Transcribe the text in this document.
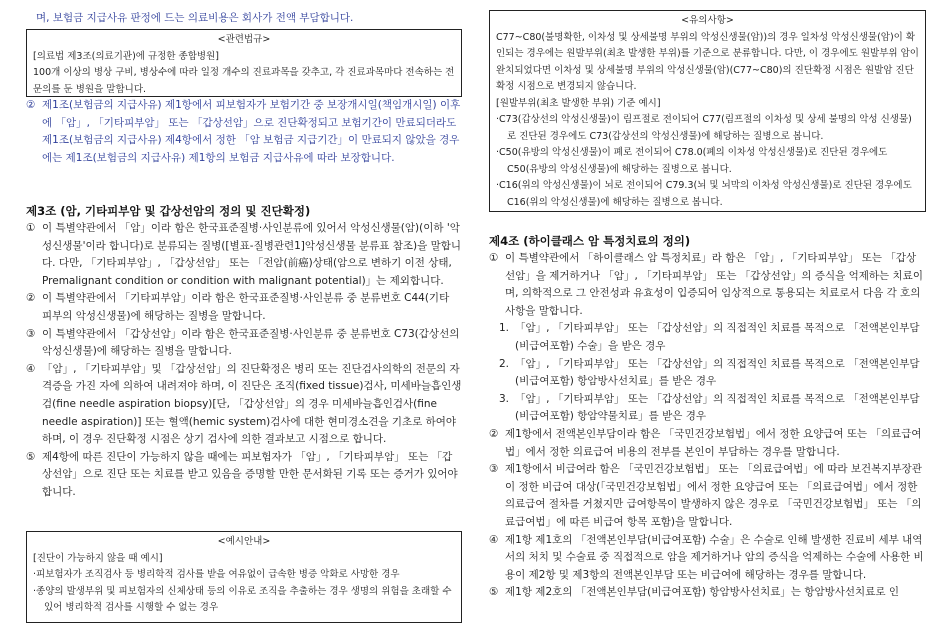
며, 보험금 지급사유 판정에 드는 의료비용은 회사가 전액 부담합니다.

<관련법규>
[의료법 제3조(의료기관)에 규정한 종합병원]
100개 이상의 병상 구비, 병상수에 따라 일정 개수의 진료과목을 갖추고, 각 진료과목마다 전속하는 전문의를 둔 병원을 말합니다.
② 제1조(보험금의 지급사유) 제1항에서 피보험자가 보험기간 중 보장개시일(책임개시일) 이후에 「암」, 「기타피부암」 또는 「갑상선암」으로 진단확정되고 보험기간이 만료되더라도 제1조(보험금의 지급사유) 제4항에서 정한 「암 보험금 지급기간」이 만료되지 않았을 경우에는 제1조(보험금의 지급사유) 제1항의 보험금 지급사유에 따라 보장합니다.

제3조 (암, 기타피부암 및 갑상선암의 정의 및 진단확정)

① 이 특별약관에서 「암」이라 함은 한국표준질병·사인분류에 있어서 악성신생물(암)(이하 '악성신생물'이라 합니다)로 분류되는 질병([별표-질병관련1]악성신생물 분류표 참조)을 말합니다. 다만, 「기타피부암」, 「갑상선암」 또는 「전암(前癌)상태(암으로 변하기 이전 상태, Premalignant condition or condition with malignant potential)」는 제외합니다.
② 이 특별약관에서 「기타피부암」이라 함은 한국표준질병·사인분류 중 분류번호 C44(기타 피부의 악성신생물)에 해당하는 질병을 말합니다.
③ 이 특별약관에서 「갑상선암」이라 함은 한국표준질병·사인분류 중 분류번호 C73(갑상선의 악성신생물)에 해당하는 질병을 말합니다.
④ 「암」, 「기타피부암」및 「갑상선암」의 진단확정은 병리 또는 진단검사의학의 전문의 자격증을 가진 자에 의하여 내려져야 하며, 이 진단은 조직(fixed tissue)검사, 미세바늘흡인생검(fine needle aspiration biopsy)[단, 「갑상선암」의 경우 미세바늘흡인검사(fine needle aspiration)] 또는 혈액(hemic system)검사에 대한 현미경소견을 기초로 하여야 하며, 이 경우 진단확정 시점은 상기 검사에 의한 결과보고 시점으로 합니다.
⑤ 제4항에 따른 진단이 가능하지 않을 때에는 피보험자가 「암」, 「기타피부암」 또는 「갑상선암」으로 진단 또는 치료를 받고 있음을 증명할 만한 문서화된 기록 또는 증거가 있어야 합니다.
<예시안내>
[진단이 가능하지 않을 때 예시]
·피보험자가 조직검사 등 병리학적 검사를 받을 여유없이 급속한 병증 악화로 사망한 경우
·종양의 발생부위 및 피보험자의 신체상태 등의 이유로 조직을 추출하는 경우 생명의 위험을 초래할 수 있어 병리학적 검사를 시행할 수 없는 경우
<유의사항>
C77~C80(불명확한, 이차성 및 상세불명 부위의 악성신생물(암))의 경우 일차성 악성신생물(암)이 확인되는 경우에는 원발부위(최초 발생한 부위)를 기준으로 분류합니다. 다만, 이 경우에도 원발부위 암이 완치되었다면 이차성 및 상세불명 부위의 악성신생물(암)(C77~C80)의 진단확정 시점은 원발암 진단확정 시점으로 변경되지 않습니다.
[원발부위(최초 발생한 부위) 기준 예시]
·C73(갑상선의 악성신생물)이 림프절로 전이되어 C77(림프절의 이차성 및 상세 불명의 악성 신생물)로 진단된 경우에도 C73(갑상선의 악성신생물)에 해당하는 질병으로 봅니다.
·C50(유방의 악성신생물)이 폐로 전이되어 C78.0(폐의 이차성 악성신생물)로 진단된 경우에도 C50(유방의 악성신생물)에 해당하는 질병으로 봅니다.
·C16(위의 악성신생물)이 뇌로 전이되어 C79.3(뇌 및 뇌막의 이차성 악성신생물)로 진단된 경우에도 C16(위의 악성신생물)에 해당하는 질병으로 봅니다.

제4조 (하이클래스 암 특정치료의 정의)

① 이 특별약관에서 「하이클래스 암 특정치료」라 함은 「암」, 「기타피부암」 또는 「갑상선암」을 제거하거나 「암」, 「기타피부암」 또는 「갑상선암」의 증식을 억제하는 치료이며, 의학적으로 그 안전성과 유효성이 입증되어 임상적으로 통용되는 치료로서 다음 각 호의 사항을 말합니다.
1. 「암」, 「기타피부암」 또는 「갑상선암」의 직접적인 치료를 목적으로 「전액본인부담(비급여포함) 수술」을 받은 경우
2. 「암」, 「기타피부암」 또는 「갑상선암」의 직접적인 치료를 목적으로 「전액본인부담(비급여포함) 항암방사선치료」를 받은 경우
3. 「암」, 「기타피부암」 또는 「갑상선암」의 직접적인 치료를 목적으로 「전액본인부담(비급여포함) 항암약물치료」를 받은 경우
② 제1항에서 전액본인부담이라 함은 「국민건강보험법」에서 정한 요양급여 또는 「의료급여법」에서 정한 의료급여 비용의 전부를 본인이 부담하는 경우를 말합니다.
③ 제1항에서 비급여라 함은 「국민건강보험법」 또는 「의료급여법」에 따라 보건복지부장관이 정한 비급여 대상(「국민건강보험법」에서 정한 요양급여 또는 「의료급여법」에서 정한 의료급여 절차를 거쳤지만 급여항목이 발생하지 않은 경우로 「국민건강보험법」 또는 「의료급여법」에 따른 비급여 항목 포함)을 말합니다.
④ 제1항 제1호의 「전액본인부담(비급여포함) 수술」은 수술로 인해 발생한 진료비 세부 내역서의 처치 및 수술료 중 직접적으로 암을 제거하거나 암의 증식을 억제하는 수술에 사용한 비용이 제2항 및 제3항의 전액본인부담 또는 비급여에 해당하는 경우를 말합니다.
⑤ 제1항 제2호의 「전액본인부담(비급여포함) 항암방사선치료」는 항암방사선치료로 인
